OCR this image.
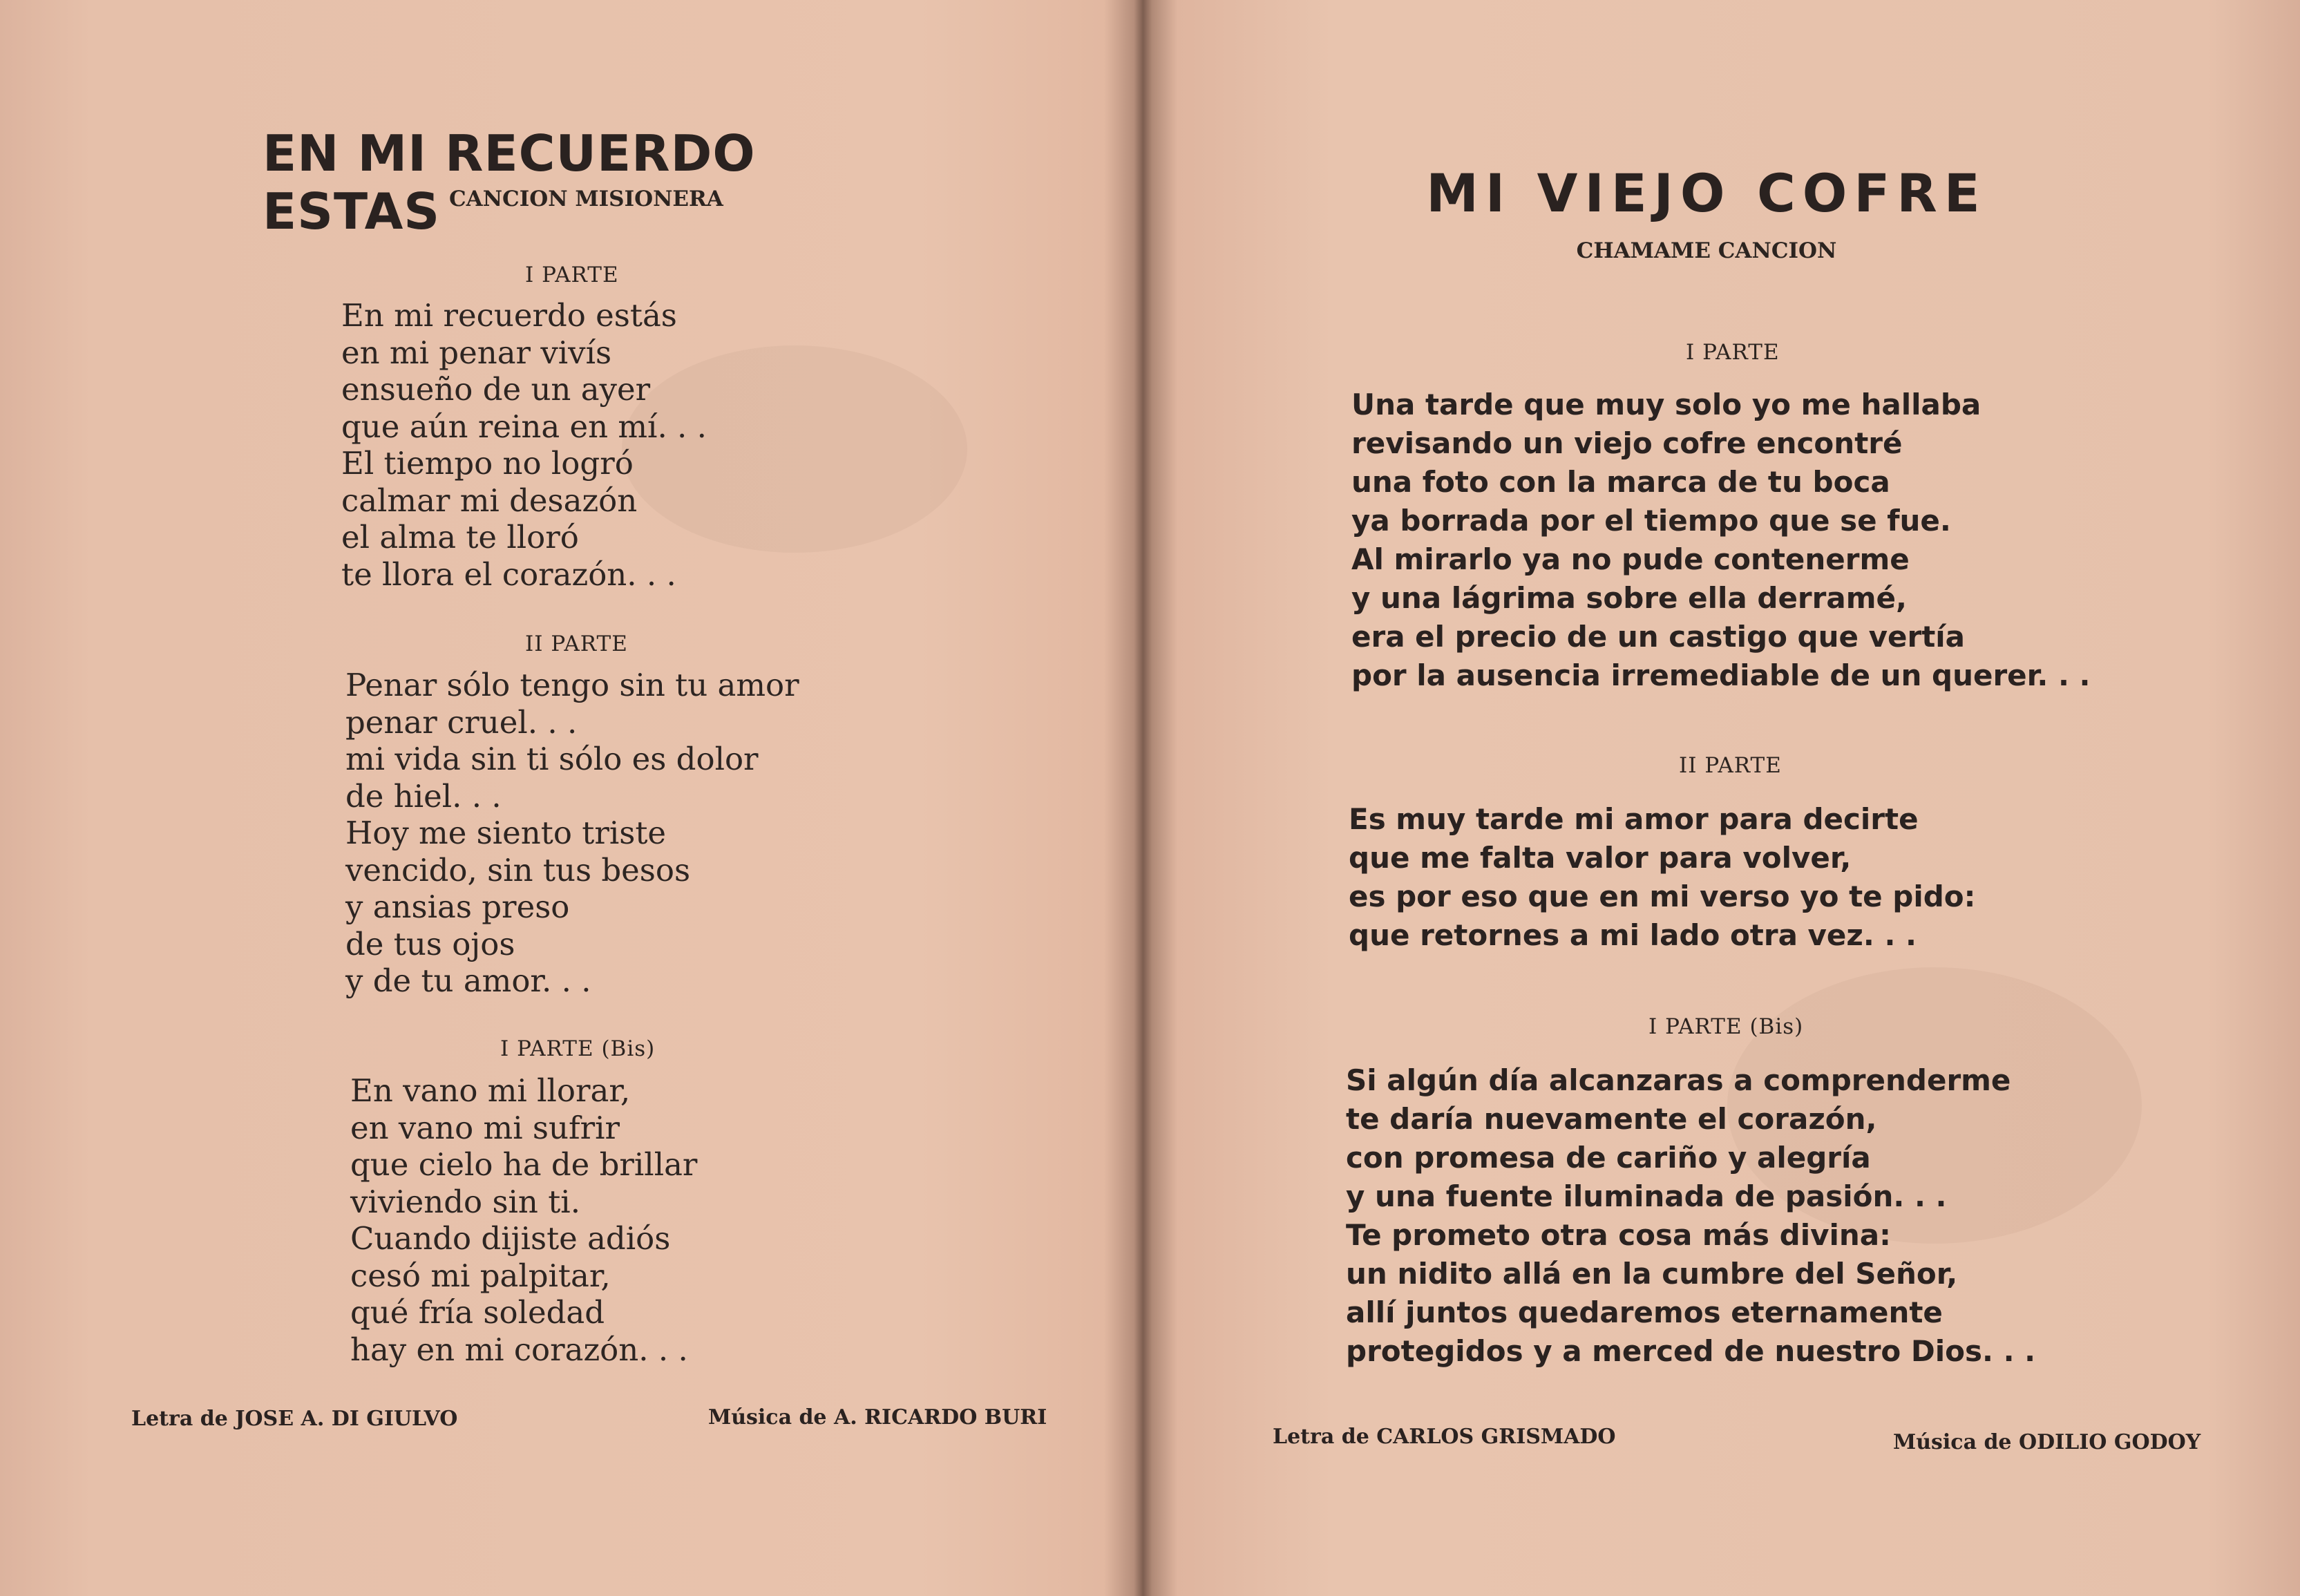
EN MI RECUERDO ESTAS CANCION MISIONERA
I PARTE
En mi recuerdo estás
en mi penar vivís
ensueño de un ayer
que aún reina en mí. . .
El tiempo no logró
calmar mi desazón
el alma te lloró
te llora el corazón. . .
II PARTE
Penar sólo tengo sin tu amor
penar cruel. . .
mi vida sin ti sólo es dolor
de hiel. . .
Hoy me siento triste
vencido, sin tus besos
y ansias preso
de tus ojos
y de tu amor. . .
I PARTE (Bis)
En vano mi llorar,
en vano mi sufrir
que cielo ha de brillar
viviendo sin ti.
Cuando dijiste adiós
cesó mi palpitar,
qué fría soledad
hay en mi corazón. . .
Letra de JOSE A. DI GIULVO	Música de A. RICARDO BURI
MI VIEJO COFRE
CHAMAME CANCION
I PARTE
Una tarde que muy solo yo me hallaba
revisando un viejo cofre encontré
una foto con la marca de tu boca
ya borrada por el tiempo que se fue.
Al mirarlo ya no pude contenerme
y una lágrima sobre ella derramé,
era el precio de un castigo que vertía
por la ausencia irremediable de un querer. . .
II PARTE
Es muy tarde mi amor para decirte
que me falta valor para volver,
es por eso que en mi verso yo te pido:
que retornes a mi lado otra vez. . .
I PARTE (Bis)
Si algún día alcanzaras a comprenderme
te daría nuevamente el corazón,
con promesa de cariño y alegría
y una fuente iluminada de pasión. . .
Te prometo otra cosa más divina:
un nidito allá en la cumbre del Señor,
allí juntos quedaremos eternamente
protegidos y a merced de nuestro Dios. . .
Letra de CARLOS GRISMADO	Música de ODILIO GODOY
